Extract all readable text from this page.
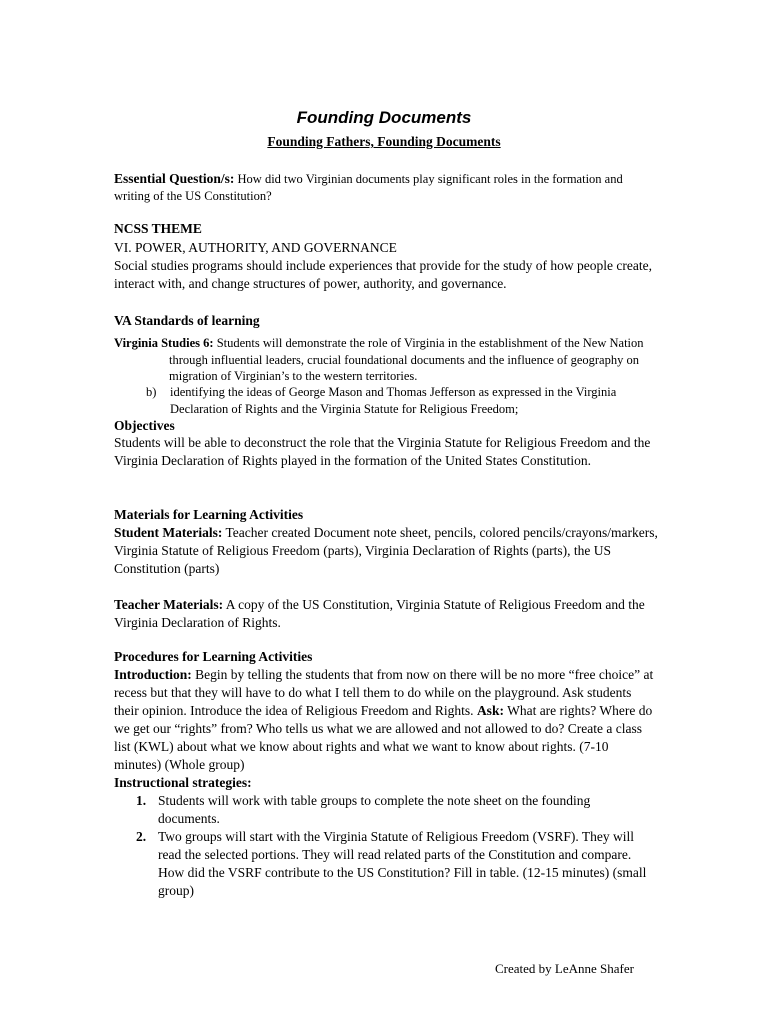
Founding Documents
Founding Fathers, Founding Documents

Essential Question/s: How did two Virginian documents play significant roles in the formation and writing of the US Constitution?

NCSS THEME
VI. POWER, AUTHORITY, AND GOVERNANCE

Social studies programs should include experiences that provide for the study of how people create, interact with, and change structures of power, authority, and governance.

VA Standards of learning

Virginia Studies 6: Students will demonstrate the role of Virginia in the establishment of the New Nation through influential leaders, crucial foundational documents and the influence of geography on migration of Virginian’s to the western territories.

b) identifying the ideas of George Mason and Thomas Jefferson as expressed in the Virginia Declaration of Rights and the Virginia Statute for Religious Freedom;
Objectives

Students will be able to deconstruct the role that the Virginia Statute for Religious Freedom and the Virginia Declaration of Rights played in the formation of the United States Constitution.

Materials for Learning Activities

Student Materials: Teacher created Document note sheet, pencils, colored pencils/crayons/markers, Virginia Statute of Religious Freedom (parts), Virginia Declaration of Rights (parts), the US Constitution (parts)

Teacher Materials: A copy of the US Constitution, Virginia Statute of Religious Freedom and the Virginia Declaration of Rights.

Procedures for Learning Activities

Introduction: Begin by telling the students that from now on there will be no more “free choice” at recess but that they will have to do what I tell them to do while on the playground. Ask students their opinion. Introduce the idea of Religious Freedom and Rights. Ask: What are rights? Where do we get our “rights” from? Who tells us what we are allowed and not allowed to do? Create a class list (KWL) about what we know about rights and what we want to know about rights. (7-10 minutes) (Whole group)

Instructional strategies:
1. Students will work with table groups to complete the note sheet on the founding documents.
2. Two groups will start with the Virginia Statute of Religious Freedom (VSRF). They will read the selected portions. They will read related parts of the Constitution and compare. How did the VSRF contribute to the US Constitution? Fill in table. (12-15 minutes) (small group)
Created by LeAnne Shafer
